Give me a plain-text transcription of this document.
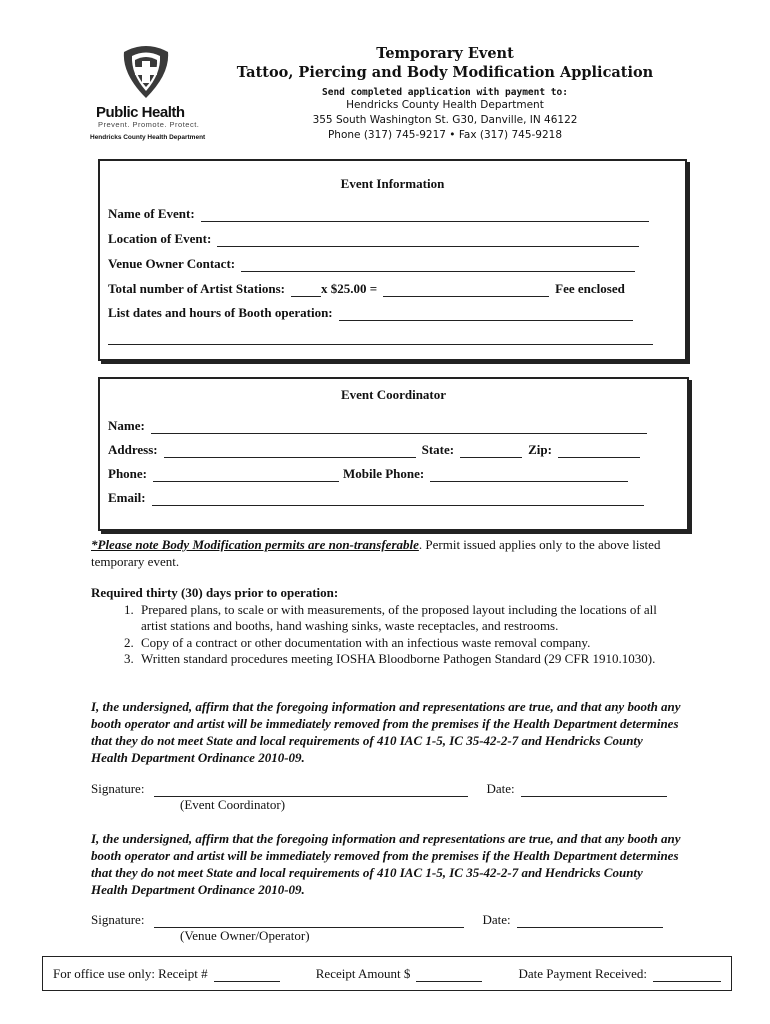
Public Health
Prevent. Promote. Protect.
Hendricks County Health Department
Temporary Event
Tattoo, Piercing and Body Modification Application
Send completed application with payment to:
Hendricks County Health Department
355 South Washington St. G30, Danville, IN 46122
Phone (317) 745-9217 • Fax (317) 745-9218
Event Information
Name of Event:
Location of Event:
Venue Owner Contact:
Total number of Artist Stations:	x $25.00 =	Fee enclosed
List dates and hours of Booth operation:
Event Coordinator
Name:
Address:	State:	Zip:
Phone:	Mobile Phone:
Email:
*Please note Body Modification permits are non-transferable. Permit issued applies only to the above listed temporary event.
Required thirty (30) days prior to operation:
1. Prepared plans, to scale or with measurements, of the proposed layout including the locations of all artist stations and booths, hand washing sinks, waste receptacles, and restrooms.
2. Copy of a contract or other documentation with an infectious waste removal company.
3. Written standard procedures meeting IOSHA Bloodborne Pathogen Standard (29 CFR 1910.1030).
I, the undersigned, affirm that the foregoing information and representations are true, and that any booth any booth operator and artist will be immediately removed from the premises if the Health Department determines that they do not meet State and local requirements of 410 IAC 1-5, IC 35-42-2-7 and Hendricks County Health Department Ordinance 2010-09.
Signature:	Date:
(Event Coordinator)
I, the undersigned, affirm that the foregoing information and representations are true, and that any booth any booth operator and artist will be immediately removed from the premises if the Health Department determines that they do not meet State and local requirements of 410 IAC 1-5, IC 35-42-2-7 and Hendricks County Health Department Ordinance 2010-09.
Signature:	Date:
(Venue Owner/Operator)
For office use only: Receipt #	Receipt Amount $	Date Payment Received:
